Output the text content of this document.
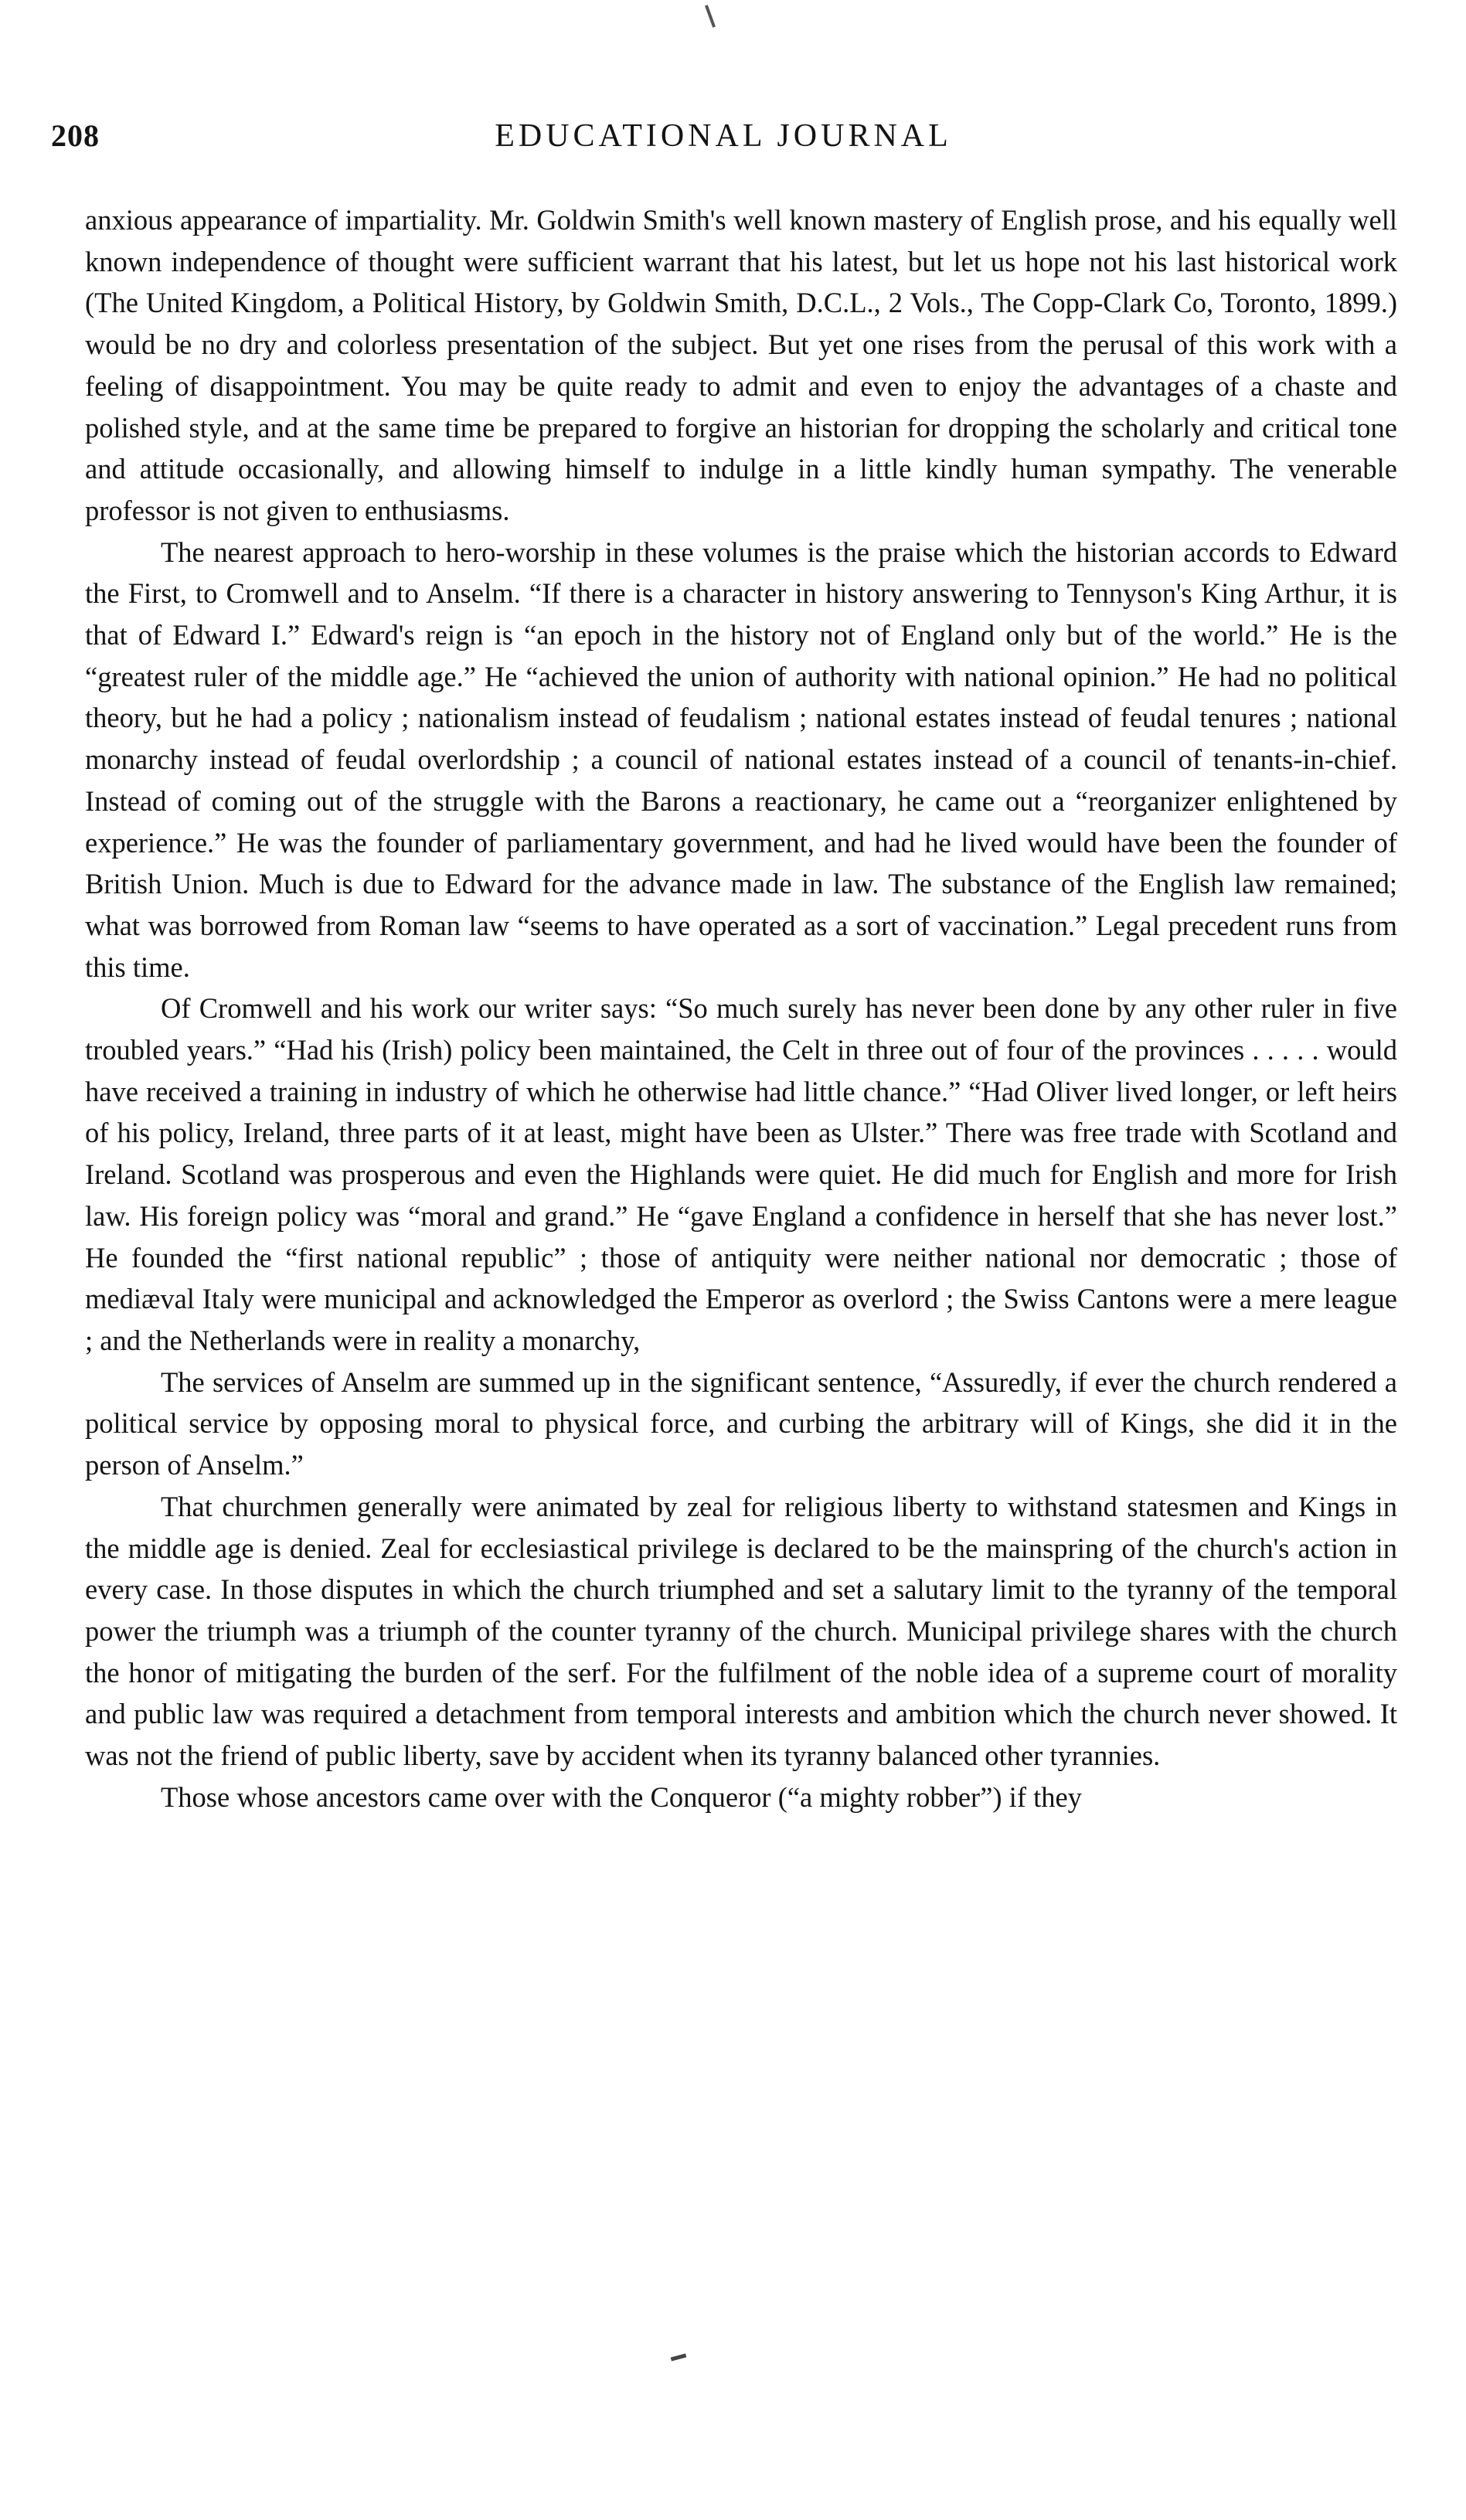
208	EDUCATIONAL JOURNAL

anxious appearance of impartiality. Mr. Goldwin Smith's well known mastery of English prose, and his equally well known independence of thought were sufficient warrant that his latest, but let us hope not his last historical work (The United Kingdom, a Political History, by Goldwin Smith, D.C.L., 2 Vols., The Copp-Clark Co, Toronto, 1899.) would be no dry and colorless presentation of the subject. But yet one rises from the perusal of this work with a feeling of disappointment. You may be quite ready to admit and even to enjoy the advantages of a chaste and polished style, and at the same time be prepared to forgive an historian for dropping the scholarly and critical tone and attitude occasionally, and allowing himself to indulge in a little kindly human sympathy. The venerable professor is not given to enthusiasms.

The nearest approach to hero-worship in these volumes is the praise which the historian accords to Edward the First, to Cromwell and to Anselm. “If there is a character in history answering to Tennyson's King Arthur, it is that of Edward I.” Edward's reign is “an epoch in the history not of England only but of the world.” He is the “greatest ruler of the middle age.” He “achieved the union of authority with national opinion.” He had no political theory, but he had a policy ; nationalism instead of feudalism ; national estates instead of feudal tenures ; national monarchy instead of feudal overlordship ; a council of national estates instead of a council of tenants-in-chief. Instead of coming out of the struggle with the Barons a reactionary, he came out a “reorganizer enlightened by experience.” He was the founder of parliamentary government, and had he lived would have been the founder of British Union. Much is due to Edward for the advance made in law. The substance of the English law remained; what was borrowed from Roman law “seems to have operated as a sort of vaccination.” Legal precedent runs from this time.

Of Cromwell and his work our writer says: “So much surely has never been done by any other ruler in five troubled years.” “Had his (Irish) policy been maintained, the Celt in three out of four of the provinces . . . . . would have received a training in industry of which he otherwise had little chance.” “Had Oliver lived longer, or left heirs of his policy, Ireland, three parts of it at least, might have been as Ulster.” There was free trade with Scotland and Ireland. Scotland was prosperous and even the Highlands were quiet. He did much for English and more for Irish law. His foreign policy was “moral and grand.” He “gave England a confidence in herself that she has never lost.” He founded the “first national republic” ; those of antiquity were neither national nor democratic ; those of mediæval Italy were municipal and acknowledged the Emperor as overlord ; the Swiss Cantons were a mere league ; and the Netherlands were in reality a monarchy,

The services of Anselm are summed up in the significant sentence, “Assuredly, if ever the church rendered a political service by opposing moral to physical force, and curbing the arbitrary will of Kings, she did it in the person of Anselm.”

That churchmen generally were animated by zeal for religious liberty to withstand statesmen and Kings in the middle age is denied. Zeal for ecclesiastical privilege is declared to be the mainspring of the church's action in every case. In those disputes in which the church triumphed and set a salutary limit to the tyranny of the temporal power the triumph was a triumph of the counter tyranny of the church. Municipal privilege shares with the church the honor of mitigating the burden of the serf. For the fulfilment of the noble idea of a supreme court of morality and public law was required a detachment from temporal interests and ambition which the church never showed. It was not the friend of public liberty, save by accident when its tyranny balanced other tyrannies.

Those whose ancestors came over with the Conqueror (“a mighty robber”) if they
